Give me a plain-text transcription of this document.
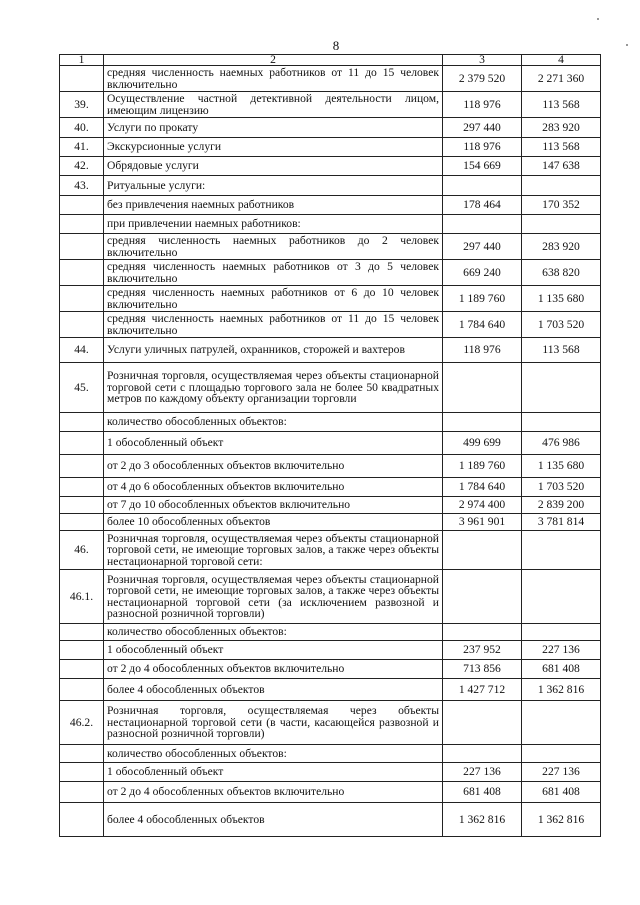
8
1	2	3	4
	средняя численность наемных работников от 11 до 15 человек включительно	2 379 520	2 271 360
39.	Осуществление частной детективной деятельности лицом, имеющим лицензию	118 976	113 568
40.	Услуги по прокату	297 440	283 920
41.	Экскурсионные услуги	118 976	113 568
42.	Обрядовые услуги	154 669	147 638
43.	Ритуальные услуги:		
	без привлечения наемных работников	178 464	170 352
	при привлечении наемных работников:		
	средняя численность наемных работников до 2 человек включительно	297 440	283 920
	средняя численность наемных работников от 3 до 5 человек включительно	669 240	638 820
	средняя численность наемных работников от 6 до 10 человек включительно	1 189 760	1 135 680
	средняя численность наемных работников от 11 до 15 человек включительно	1 784 640	1 703 520
44.	Услуги уличных патрулей, охранников, сторожей и вахтеров	118 976	113 568
45.	Розничная торговля, осуществляемая через объекты стационарной торговой сети с площадью торгового зала не более 50 квадратных метров по каждому объекту организации торговли		
	количество обособленных объектов:		
	1 обособленный объект	499 699	476 986
	от 2 до 3 обособленных объектов включительно	1 189 760	1 135 680
	от 4 до 6 обособленных объектов включительно	1 784 640	1 703 520
	от 7 до 10 обособленных объектов включительно	2 974 400	2 839 200
	более 10 обособленных объектов	3 961 901	3 781 814
46.	Розничная торговля, осуществляемая через объекты стационарной торговой сети, не имеющие торговых залов, а также через объекты нестационарной торговой сети:		
46.1.	Розничная торговля, осуществляемая через объекты стационарной торговой сети, не имеющие торговых залов, а также через объекты нестационарной торговой сети (за исключением развозной и разносной розничной торговли)		
	количество обособленных объектов:		
	1 обособленный объект	237 952	227 136
	от 2 до 4 обособленных объектов включительно	713 856	681 408
	более 4 обособленных объектов	1 427 712	1 362 816
46.2.	Розничная торговля, осуществляемая через объекты нестационарной торговой сети (в части, касающейся развозной и разносной розничной торговли)		
	количество обособленных объектов:		
	1 обособленный объект	227 136	227 136
	от 2 до 4 обособленных объектов включительно	681 408	681 408
	более 4 обособленных объектов	1 362 816	1 362 816
